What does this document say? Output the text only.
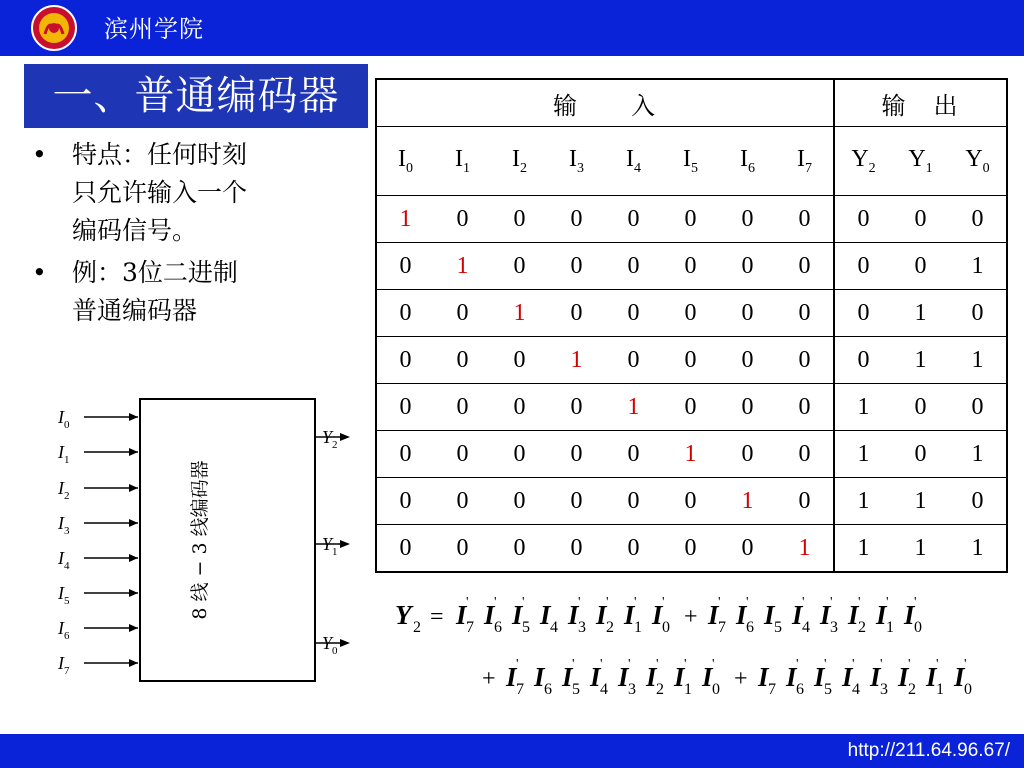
滨州学院
一、普通编码器
• 特点：任何时刻
只允许输入一个
编码信号。
• 例：3位二进制
普通编码器
输　　入								输　出		
$I_0$	$I_1$	$I_2$	$I_3$	$I_4$	$I_5$	$I_6$	$I_7$	$Y_2$	$Y_1$	$Y_0$
1	0	0	0	0	0	0	0	0	0	0
0	1	0	0	0	0	0	0	0	0	1
0	0	1	0	0	0	0	0	0	1	0
0	0	0	1	0	0	0	0	0	1	1
0	0	0	0	1	0	0	0	1	0	0
0	0	0	0	0	1	0	0	1	0	1
0	0	0	0	0	0	1	0	1	1	0
0	0	0	0	0	0	0	1	1	1	1
$I_0$
$I_1$
$I_2$
$I_3$
$I_4$
$I_5$
$I_6$
$I_7$
$Y_2$
$Y_1$
$Y_0$
8 线 − 3 线编码器	Y 2 = I '
7 I '
6 I '
5 I 4 I '
3 I '
2 I '
1 I '
0 + I '
7 I '
6 I 5 I '
4 I '
3 I '
2 I '
1 I '
0
+ I '
7 I 6 I '
5 I '
4 I '
3 I '
2 I '
1 I '
0 + I 7 I '
6 I '
5 I '
4 I '
3 I '
2 I '
1 I '
0
http://211.64.96.67/
